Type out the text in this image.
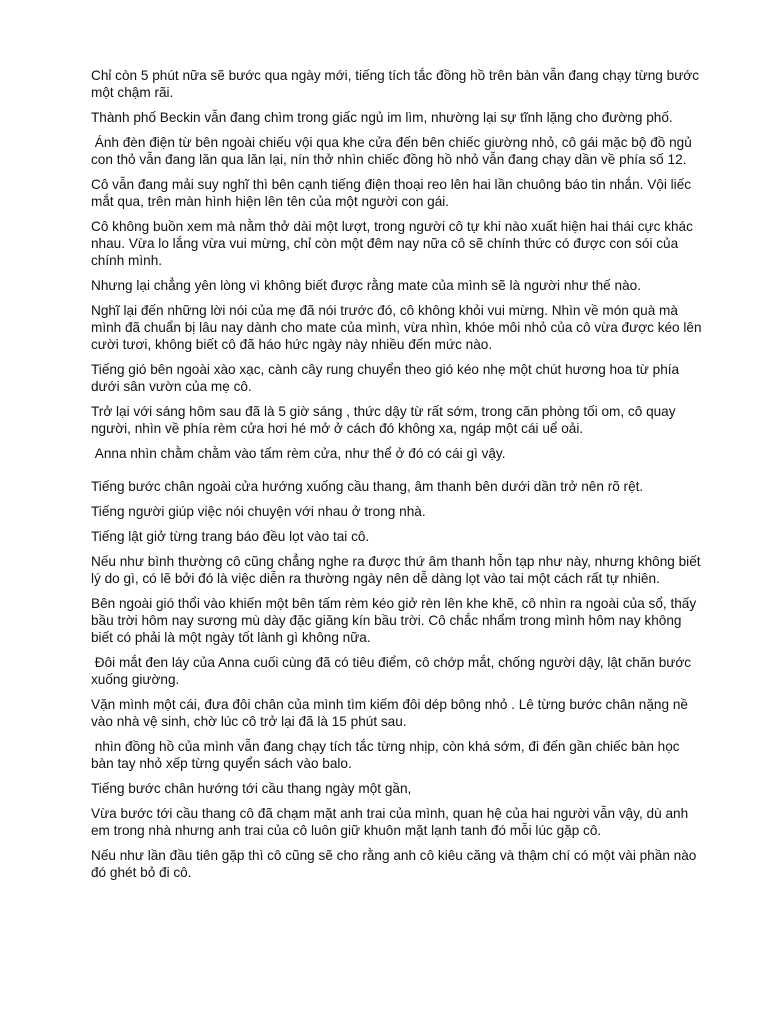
Chỉ còn 5 phút nữa sẽ bước qua ngày mới, tiếng tích tắc đồng hồ trên bàn vẫn đang chạy từng bước một chậm rãi.

Thành phố Beckin vẫn đang chìm trong giấc ngủ im lìm, nhường lại sự tĩnh lặng cho đường phố.

Ánh đèn điện từ bên ngoài chiếu vội qua khe cửa đến bên chiếc giường nhỏ, cô gái mặc bộ đồ ngủ con thỏ vẫn đang lăn qua lăn lại, nín thở nhìn chiếc đồng hồ nhỏ vẫn đang chạy dần về phía số 12.

Cô vẫn đang mải suy nghĩ thì bên cạnh tiếng điện thoại reo lên hai lần chuông báo tin nhắn. Vội liếc mắt qua, trên màn hình hiện lên tên của một người con gái.

Cô không buồn xem mà nằm thở dài một lượt, trong người cô tự khi nào xuất hiện hai thái cực khác nhau. Vừa lo lắng vừa vui mừng, chỉ còn một đêm nay nữa cô sẽ chính thức có được con sói của chính mình.

Nhưng lại chẳng yên lòng vì không biết được rằng mate của mình sẽ là người như thế nào.

Nghĩ lại đến những lời nói của mẹ đã nói trước đó, cô không khỏi vui mừng. Nhìn về món quà mà mình đã chuẩn bị lâu nay dành cho mate của mình, vừa nhìn, khóe môi nhỏ của cô vừa được kéo lên cười tươi, không biết cô đã háo hức ngày này nhiều đến mức nào.

Tiếng gió bên ngoài xào xạc, cành cây rung chuyển theo gió kéo nhẹ một chút hương hoa từ phía dưới sân vườn của mẹ cô.

Trở lại với sáng hôm sau đã là 5 giờ sáng , thức dậy từ rất sớm, trong căn phòng tối om, cô quay người, nhìn về phía rèm cửa hơi hé mở ở cách đó không xa, ngáp một cái uể oải.

Anna nhìn chằm chằm vào tấm rèm cửa, như thể ở đó có cái gì vậy.

Tiếng bước chân ngoài cửa hướng xuống cầu thang, âm thanh bên dưới dần trở nên rõ rệt.

Tiếng người giúp việc nói chuyện với nhau ở trong nhà.

Tiếng lật giở từng trang báo đều lọt vào tai cô.

Nếu như bình thường cô cũng chẳng nghe ra được thứ âm thanh hỗn tạp như này, nhưng không biết lý do gì, có lẽ bởi đó là việc diễn ra thường ngày nên dễ dàng lọt vào tai một cách rất tự nhiên.

Bên ngoài gió thổi vào khiến một bên tấm rèm kéo giở rèn lên khe khẽ, cô nhìn ra ngoài của sổ, thấy bầu trời hôm nay sương mù dày đặc giăng kín bầu trời. Cô chắc nhẩm trong mình hôm nay không biết có phải là một ngày tốt lành gì không nữa.

Đôi mắt đen láy của Anna cuối cùng đã có tiêu điểm, cô chớp mắt, chống người dậy, lật chăn bước xuống giường.

Vặn mình một cái, đưa đôi chân của mình tìm kiếm đôi dép bông nhỏ . Lê từng bước chân nặng nề vào nhà vệ sinh, chờ lúc cô trở lại đã là 15 phút sau.

nhìn đồng hồ của mình vẫn đang chạy tích tắc từng nhịp, còn khá sớm, đi đến gần chiếc bàn học bàn tay nhỏ xếp từng quyển sách vào balo.

Tiếng bước chân hướng tới cầu thang ngày một gần,

Vừa bước tới cầu thang cô đã chạm mặt anh trai của mình, quan hệ của hai người vẫn vậy, dù anh em trong nhà nhưng anh trai của cô luôn giữ khuôn mặt lạnh tanh đó mỗi lúc gặp cô.

Nếu như lần đầu tiên gặp thì cô cũng sẽ cho rằng anh cô kiêu căng và thậm chí có một vài phần nào đó ghét bỏ đi cô.
